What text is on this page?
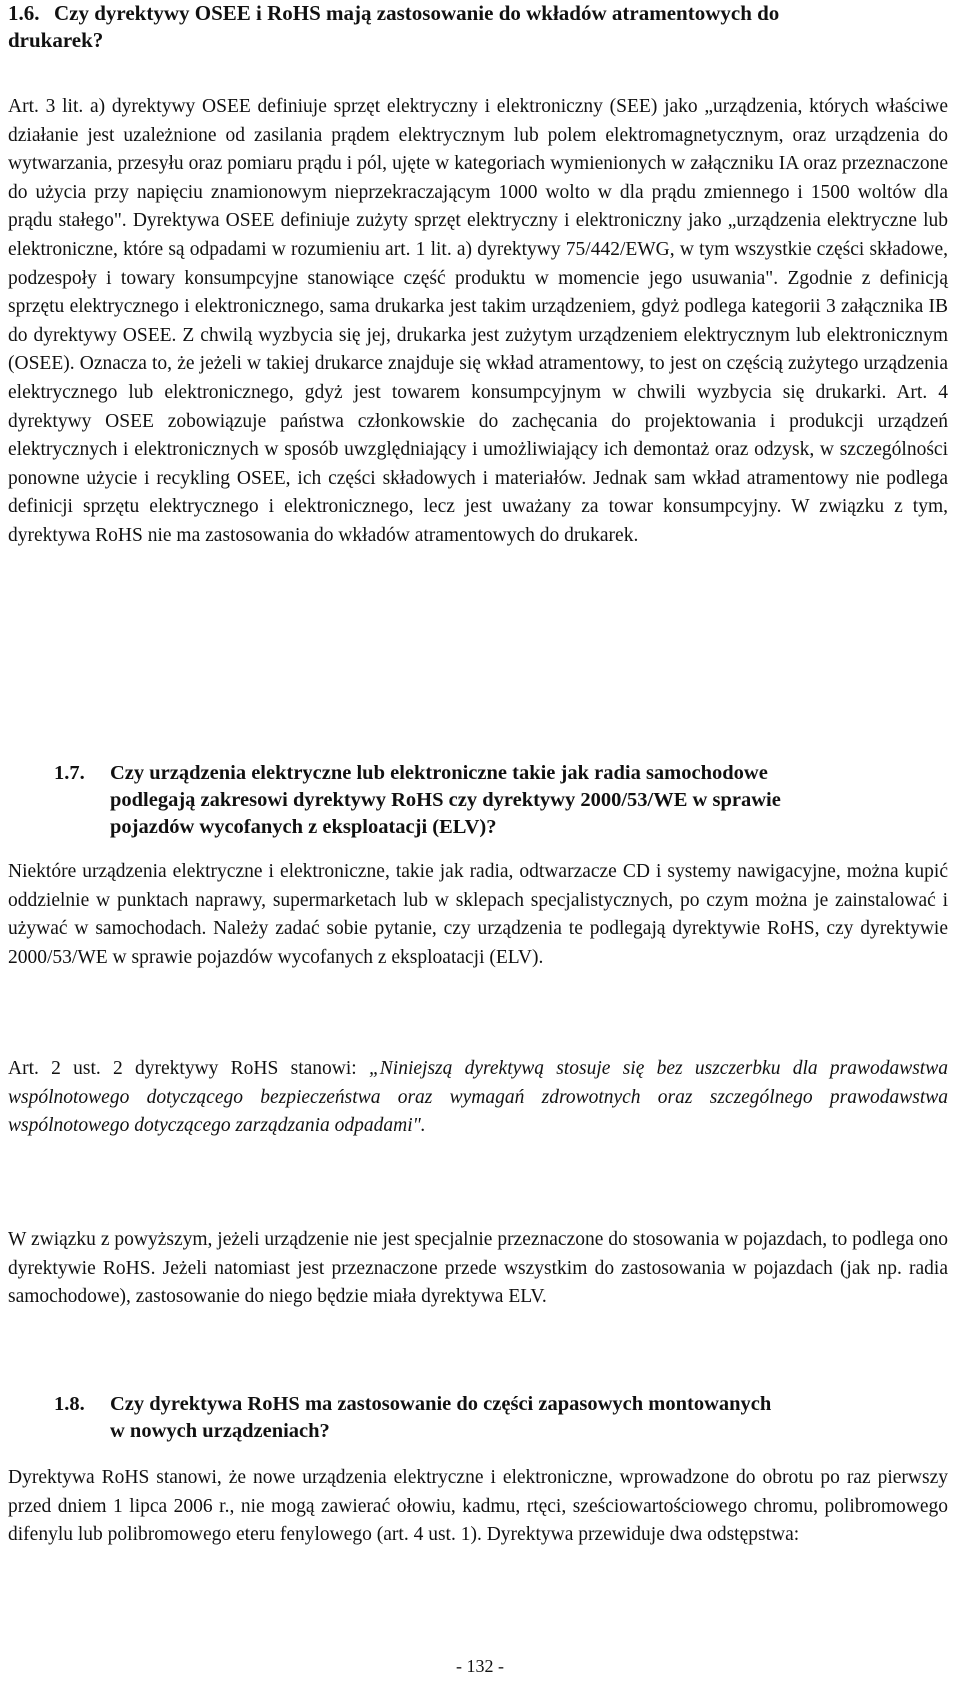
1.6. Czy dyrektywy OSEE i RoHS mają zastosowanie do wkładów atramentowych do
drukarek?

Art. 3 lit. a) dyrektywy OSEE definiuje sprzęt elektryczny i elektroniczny (SEE) jako „urządzenia, których właściwe działanie jest uzależnione od zasilania prądem elektrycznym lub polem elektromagnetycznym, oraz urządzenia do wytwarzania, przesyłu oraz pomiaru prądu i pól, ujęte w kategoriach wymienionych w załączniku IA oraz przeznaczone do użycia przy napięciu znamionowym nieprzekraczającym 1000 wolto w dla prądu zmiennego i 1500 woltów dla prądu stałego". Dyrektywa OSEE definiuje zużyty sprzęt elektryczny i elektroniczny jako „urządzenia elektryczne lub elektroniczne, które są odpadami w rozumieniu art. 1 lit. a) dyrektywy 75/442/EWG, w tym wszystkie części składowe, podzespoły i towary konsumpcyjne stanowiące część produktu w momencie jego usuwania". Zgodnie z definicją sprzętu elektrycznego i elektronicznego, sama drukarka jest takim urządzeniem, gdyż podlega kategorii 3 załącznika IB do dyrektywy OSEE. Z chwilą wyzbycia się jej, drukarka jest zużytym urządzeniem elektrycznym lub elektronicznym (OSEE). Oznacza to, że jeżeli w takiej drukarce znajduje się wkład atramentowy, to jest on częścią zużytego urządzenia elektrycznego lub elektronicznego, gdyż jest towarem konsumpcyjnym w chwili wyzbycia się drukarki. Art. 4 dyrektywy OSEE zobowiązuje państwa członkowskie do zachęcania do projektowania i produkcji urządzeń elektrycznych i elektronicznych w sposób uwzględniający i umożliwiający ich demontaż oraz odzysk, w szczególności ponowne użycie i recykling OSEE, ich części składowych i materiałów. Jednak sam wkład atramentowy nie podlega definicji sprzętu elektrycznego i elektronicznego, lecz jest uważany za towar konsumpcyjny. W związku z tym, dyrektywa RoHS nie ma zastosowania do wkładów atramentowych do drukarek.

1.7. Czy urządzenia elektryczne lub elektroniczne takie jak radia samochodowe
podlegają zakresowi dyrektywy RoHS czy dyrektywy 2000/53/WE w sprawie
pojazdów wycofanych z eksploatacji (ELV)?

Niektóre urządzenia elektryczne i elektroniczne, takie jak radia, odtwarzacze CD i systemy nawigacyjne, można kupić oddzielnie w punktach naprawy, supermarketach lub w sklepach specjalistycznych, po czym można je zainstalować i używać w samochodach. Należy zadać sobie pytanie, czy urządzenia te podlegają dyrektywie RoHS, czy dyrektywie 2000/53/WE w sprawie pojazdów wycofanych z eksploatacji (ELV).

Art. 2 ust. 2 dyrektywy RoHS stanowi: „Niniejszą dyrektywą stosuje się bez uszczerbku dla prawodawstwa wspólnotowego dotyczącego bezpieczeństwa oraz wymagań zdrowotnych oraz szczególnego prawodawstwa wspólnotowego dotyczącego zarządzania odpadami".

W związku z powyższym, jeżeli urządzenie nie jest specjalnie przeznaczone do stosowania w pojazdach, to podlega ono dyrektywie RoHS. Jeżeli natomiast jest przeznaczone przede wszystkim do zastosowania w pojazdach (jak np. radia samochodowe), zastosowanie do niego będzie miała dyrektywa ELV.

1.8. Czy dyrektywa RoHS ma zastosowanie do części zapasowych montowanych
w nowych urządzeniach?

Dyrektywa RoHS stanowi, że nowe urządzenia elektryczne i elektroniczne, wprowadzone do obrotu po raz pierwszy przed dniem 1 lipca 2006 r., nie mogą zawierać ołowiu, kadmu, rtęci, sześciowartościowego chromu, polibromowego difenylu lub polibromowego eteru fenylowego (art. 4 ust. 1). Dyrektywa przewiduje dwa odstępstwa:

- 132 -
